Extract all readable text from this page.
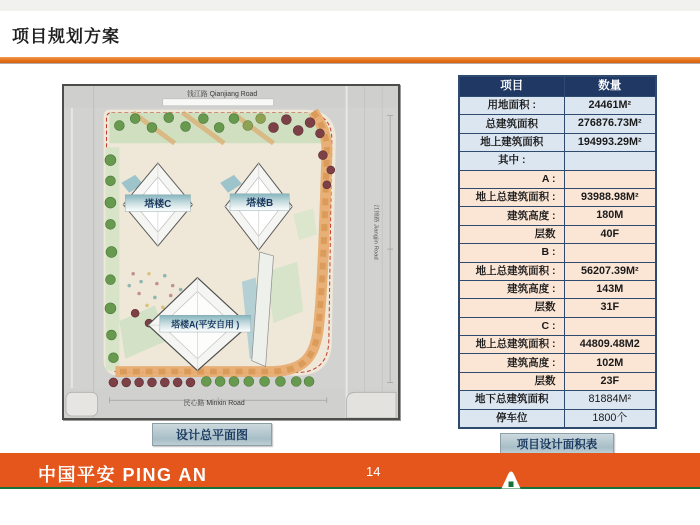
项目规划方案
塔楼C	塔楼B
塔楼A(平安自用 )
钱江路 Qianjiang Road
民心路 Minxin Road
江锦路 Jiangjin Road
设计总平面图
项目	数量
用地面积 :	24461M²
总建筑面积	276876.73M²
地上建筑面积	194993.29M²
其中 :	
A :	
地上总建筑面积 :	93988.98M²
建筑高度 :	180M
层数	40F
B :	
地上总建筑面积 :	56207.39M²
建筑高度 :	143M
层数	31F
C :	
地上总建筑面积 :	44809.48M2
建筑高度 :	102M
层数	23F
地下总建筑面积	81884M²
停车位	1800个
项目设计面积表
中国平安 PING AN	14
